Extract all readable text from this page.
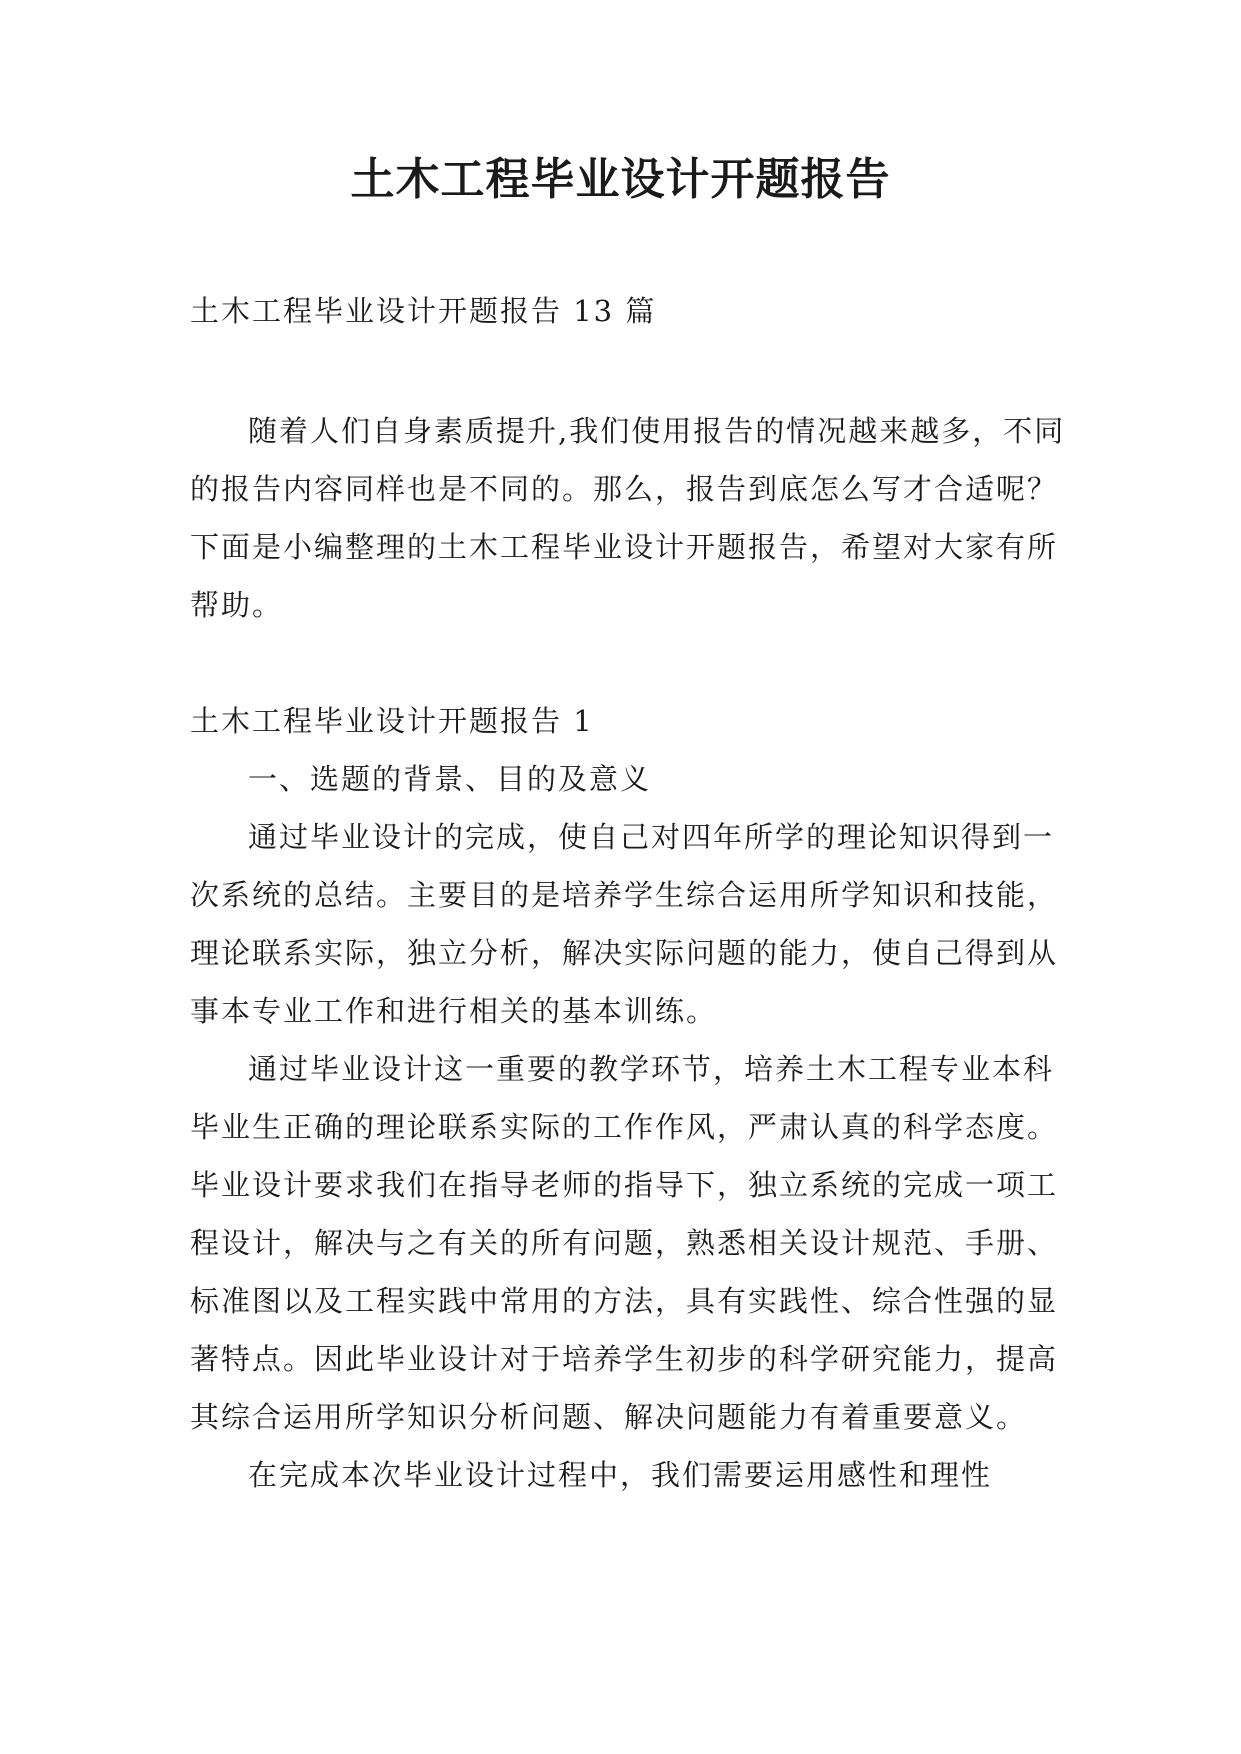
土木工程毕业设计开题报告

土木工程毕业设计开题报告 13 篇

随着人们自身素质提升,我们使用报告的情况越来越多，不同的报告内容同样也是不同的。那么，报告到底怎么写才合适呢？下面是小编整理的土木工程毕业设计开题报告，希望对大家有所帮助。

土木工程毕业设计开题报告 1

一、选题的背景、目的及意义

通过毕业设计的完成，使自己对四年所学的理论知识得到一次系统的总结。主要目的是培养学生综合运用所学知识和技能，理论联系实际，独立分析，解决实际问题的能力，使自己得到从事本专业工作和进行相关的基本训练。

通过毕业设计这一重要的教学环节，培养土木工程专业本科毕业生正确的理论联系实际的工作作风，严肃认真的科学态度。毕业设计要求我们在指导老师的指导下，独立系统的完成一项工程设计，解决与之有关的所有问题，熟悉相关设计规范、手册、标准图以及工程实践中常用的方法，具有实践性、综合性强的显著特点。因此毕业设计对于培养学生初步的科学研究能力，提高其综合运用所学知识分析问题、解决问题能力有着重要意义。

在完成本次毕业设计过程中，我们需要运用感性和理性
